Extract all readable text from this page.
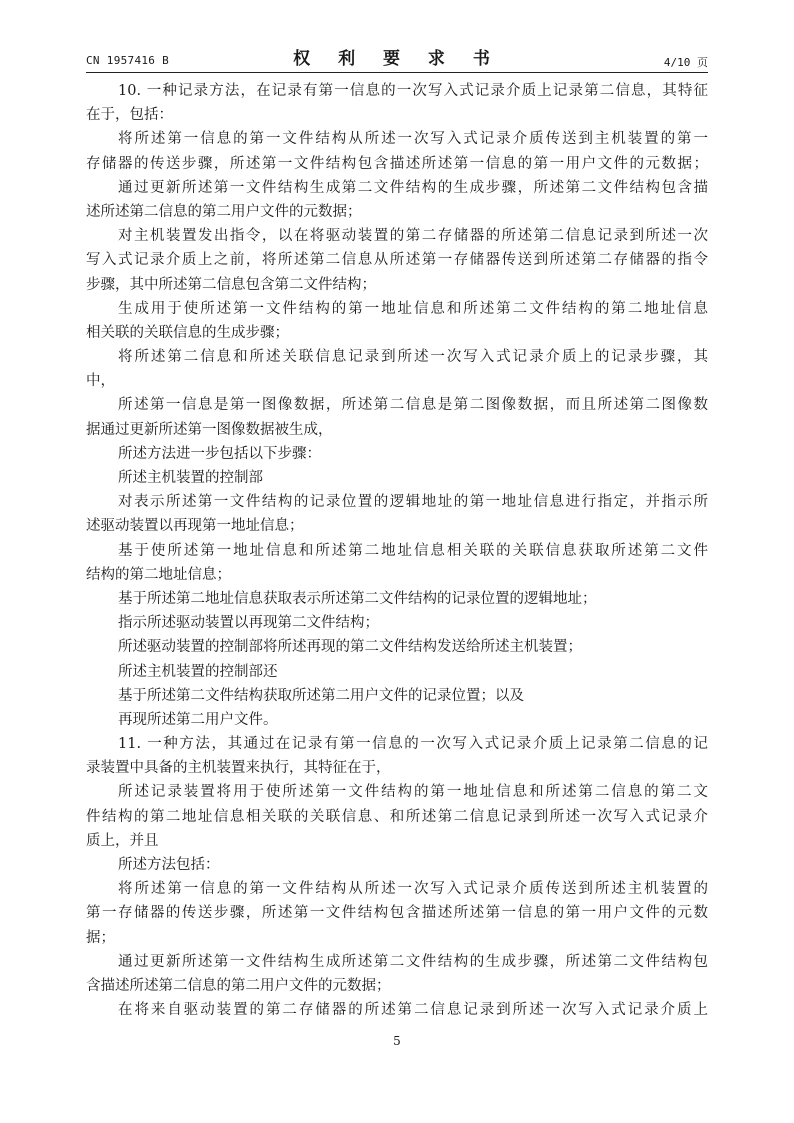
CN 1957416 B	权 利 要 求 书	4/10 页
10. 一种记录方法，在记录有第一信息的一次写入式记录介质上记录第二信息，其特征
在于，包括：
将所述第一信息的第一文件结构从所述一次写入式记录介质传送到主机装置的第一
存储器的传送步骤，所述第一文件结构包含描述所述第一信息的第一用户文件的元数据；
通过更新所述第一文件结构生成第二文件结构的生成步骤，所述第二文件结构包含描
述所述第二信息的第二用户文件的元数据；
对主机装置发出指令，以在将驱动装置的第二存储器的所述第二信息记录到所述一次
写入式记录介质上之前，将所述第二信息从所述第一存储器传送到所述第二存储器的指令
步骤，其中所述第二信息包含第二文件结构；
生成用于使所述第一文件结构的第一地址信息和所述第二文件结构的第二地址信息
相关联的关联信息的生成步骤；
将所述第二信息和所述关联信息记录到所述一次写入式记录介质上的记录步骤，其
中，
所述第一信息是第一图像数据，所述第二信息是第二图像数据，而且所述第二图像数
据通过更新所述第一图像数据被生成，
所述方法进一步包括以下步骤：
所述主机装置的控制部
对表示所述第一文件结构的记录位置的逻辑地址的第一地址信息进行指定，并指示所
述驱动装置以再现第一地址信息；
基于使所述第一地址信息和所述第二地址信息相关联的关联信息获取所述第二文件
结构的第二地址信息；
基于所述第二地址信息获取表示所述第二文件结构的记录位置的逻辑地址；
指示所述驱动装置以再现第二文件结构；
所述驱动装置的控制部将所述再现的第二文件结构发送给所述主机装置；
所述主机装置的控制部还
基于所述第二文件结构获取所述第二用户文件的记录位置；以及
再现所述第二用户文件。
11. 一种方法，其通过在记录有第一信息的一次写入式记录介质上记录第二信息的记
录装置中具备的主机装置来执行，其特征在于，
所述记录装置将用于使所述第一文件结构的第一地址信息和所述第二信息的第二文
件结构的第二地址信息相关联的关联信息、和所述第二信息记录到所述一次写入式记录介
质上，并且
所述方法包括：
将所述第一信息的第一文件结构从所述一次写入式记录介质传送到所述主机装置的
第一存储器的传送步骤，所述第一文件结构包含描述所述第一信息的第一用户文件的元数
据；
通过更新所述第一文件结构生成所述第二文件结构的生成步骤，所述第二文件结构包
含描述所述第二信息的第二用户文件的元数据；
在将来自驱动装置的第二存储器的所述第二信息记录到所述一次写入式记录介质上
5
